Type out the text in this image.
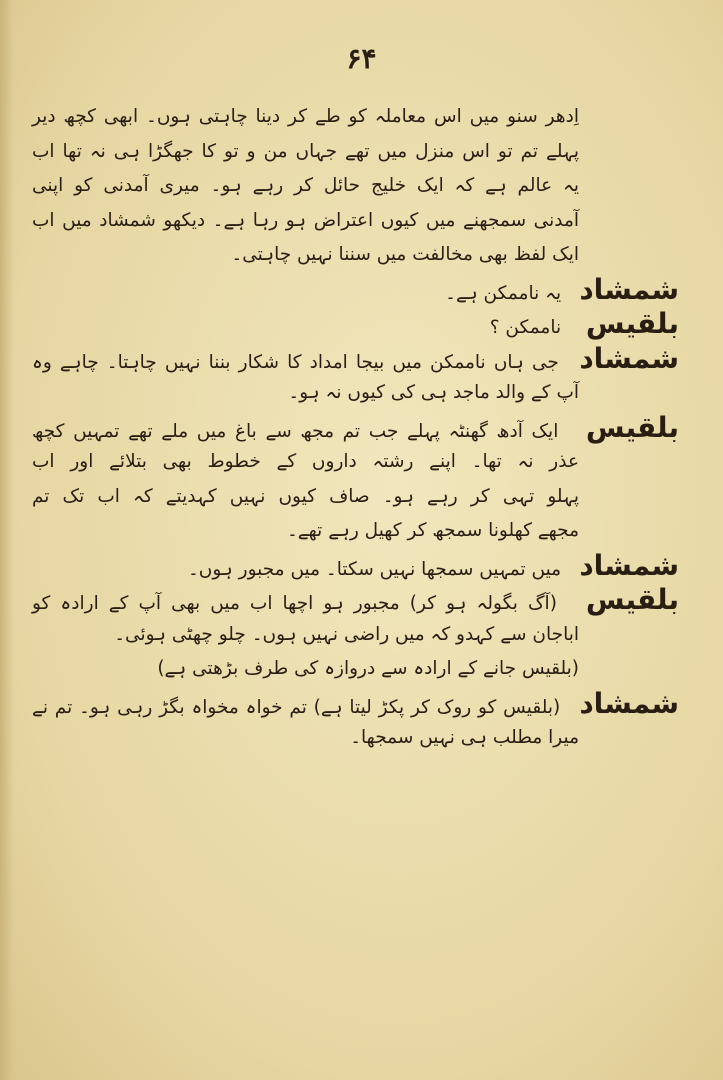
۶۴
اِدھر سنو میں اس معاملہ کو طے کر دینا چاہتی ہوں۔ ابھی کچھ دیر
پہلے تم تو اس منزل میں تھے جہاں من و تو کا جھگڑا ہی نہ تھا اب
یہ عالم ہے کہ ایک خلیج حائل کر رہے ہو۔ میری آمدنی کو اپنی
آمدنی سمجھنے میں کیوں اعتراض ہو رہا ہے۔ دیکھو شمشاد میں اب
ایک لفظ بھی مخالفت میں سننا نہیں چاہتی۔
شمشاد یہ ناممکن ہے۔
بلقیس ناممکن ؟
شمشاد جی ہاں ناممکن میں بیجا امداد کا شکار بننا نہیں چاہتا۔ چاہے وہ
آپ کے والد ماجد ہی کی کیوں نہ ہو۔
بلقیس ایک آدھ گھنٹہ پہلے جب تم مجھ سے باغ میں ملے تھے تمہیں کچھ
عذر نہ تھا۔ اپنے رشتہ داروں کے خطوط بھی بتلائے اور اب
پہلو تہی کر رہے ہو۔ صاف کیوں نہیں کہدیتے کہ اب تک تم
مجھے کھلونا سمجھ کر کھیل رہے تھے۔
شمشاد میں تمہیں سمجھا نہیں سکتا۔ میں مجبور ہوں۔
بلقیس (آگ بگولہ ہو کر) مجبور ہو اچھا اب میں بھی آپ کے ارادہ کو
اباجان سے کہدو کہ میں راضی نہیں ہوں۔ چلو چھٹی ہوئی۔
(بلقیس جانے کے ارادہ سے دروازہ کی طرف بڑھتی ہے)
شمشاد (بلقیس کو روک کر پکڑ لیتا ہے) تم خواہ مخواہ بگڑ رہی ہو۔ تم نے
میرا مطلب ہی نہیں سمجھا۔
